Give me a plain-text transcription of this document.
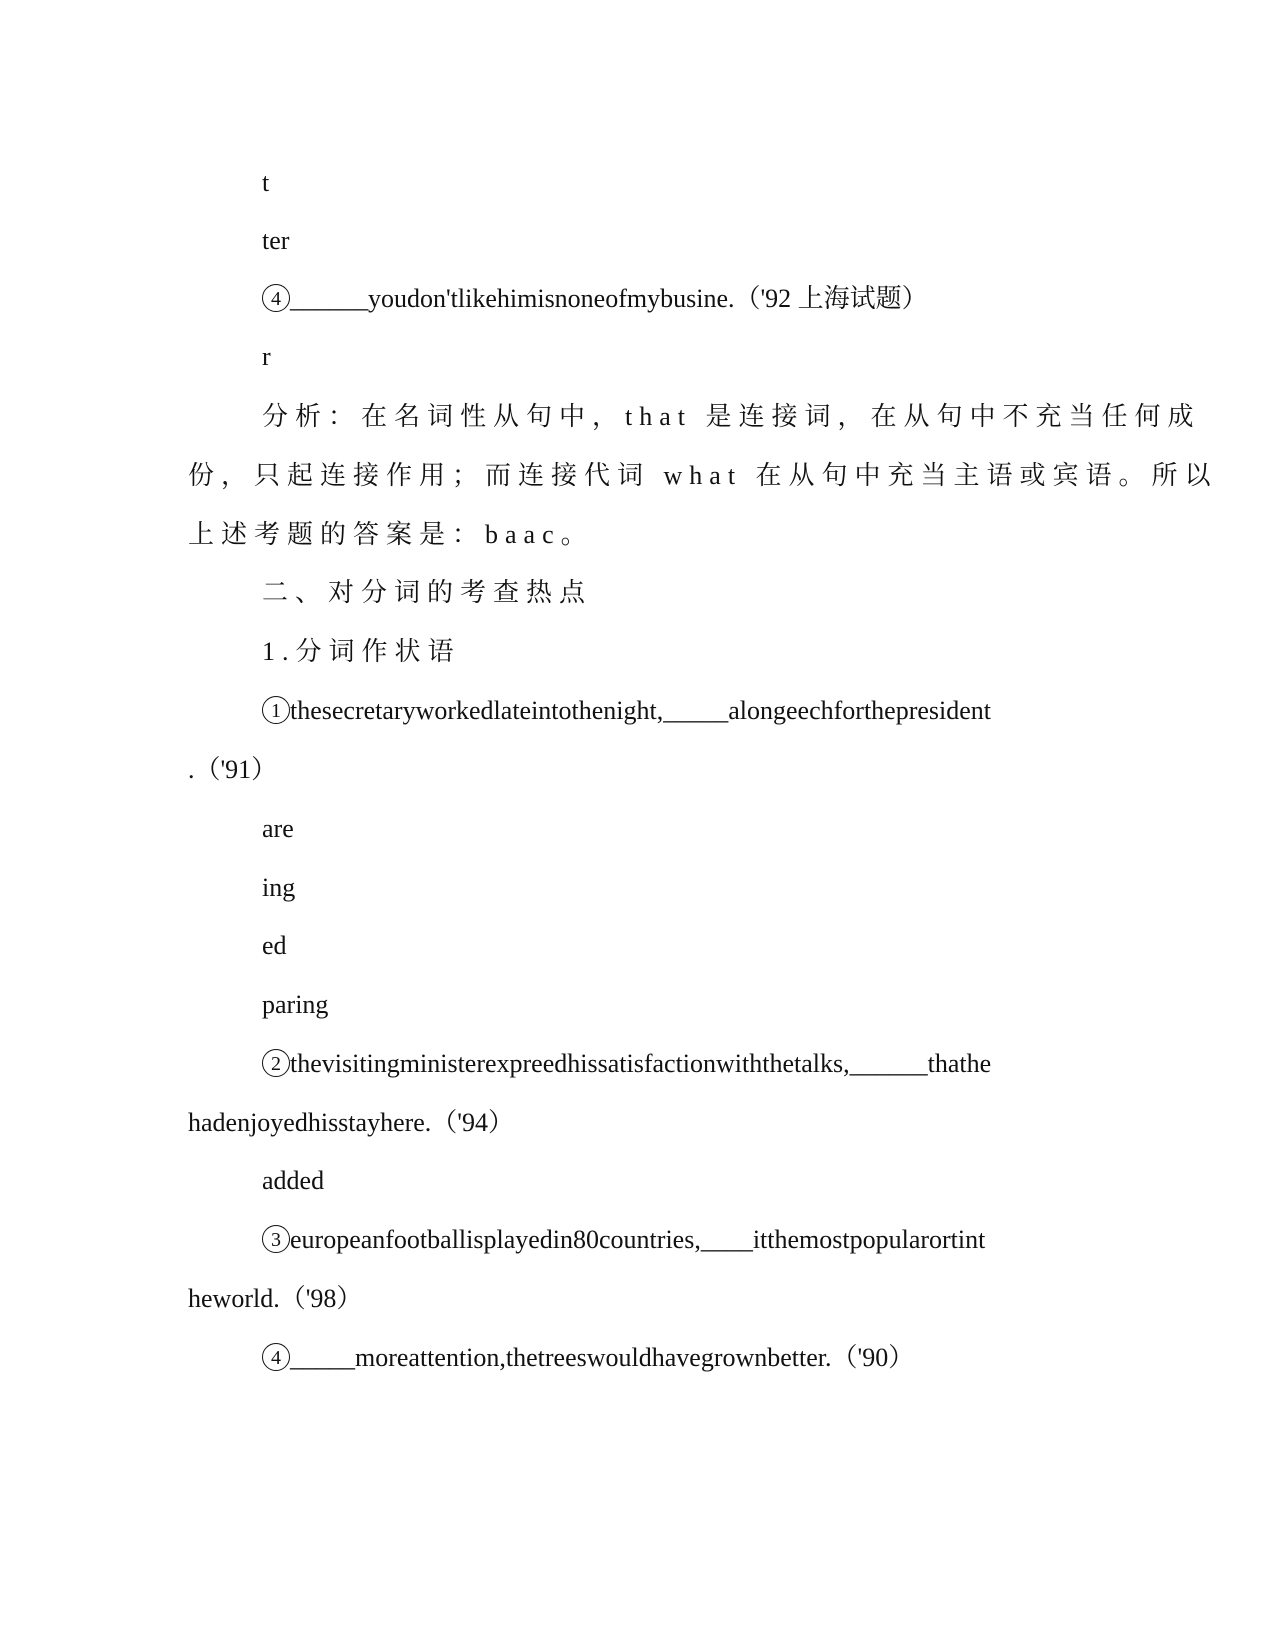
t
ter
4 ______youdon'tlikehimisnoneofmybusine.（'92 上海试题）
r
分析：在名词性从句中，that 是连接词，在从句中不充当任何成
份，只起连接作用；而连接代词 what 在从句中充当主语或宾语。所以
上述考题的答案是：baac。
二、对分词的考查热点
1.分词作状语
1 thesecretaryworkedlateintothenight,_____alongeechforthepresident
.（'91）
are
ing
ed
paring
2 thevisitingministerexpreedhissatisfactionwiththetalks,______thathe
hadenjoyedhisstayhere.（'94）
added
3 europeanfootballisplayedin80countries,____itthemostpopularortint
heworld.（'98）
4 _____moreattention,thetreeswouldhavegrownbetter.（'90）
